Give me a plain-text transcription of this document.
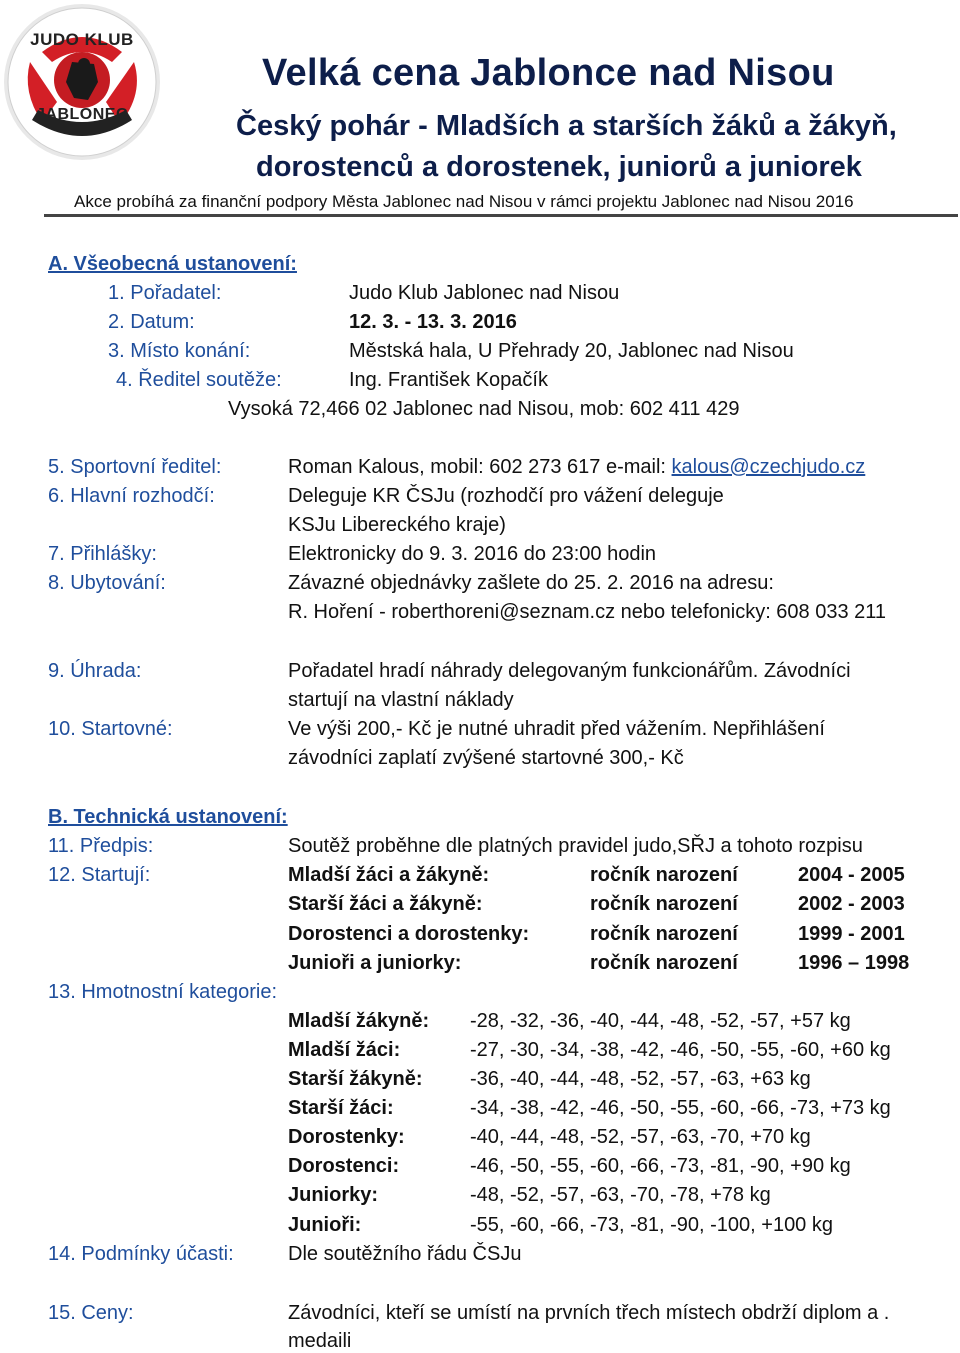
JUDO KLUB
JABLONEC
Velká cena Jablonce nad Nisou
Český pohár - Mladších a starších žáků a žákyň,
dorostenců a dorostenek, juniorů a juniorek
Akce probíhá za finanční podpory Města Jablonec nad Nisou v rámci projektu Jablonec nad Nisou 2016
A. Všeobecná ustanovení:
1. Pořadatel:	Judo Klub Jablonec nad Nisou
2. Datum:	12. 3. - 13. 3. 2016
3. Místo konání:	Městská hala, U Přehrady 20, Jablonec nad Nisou
4. Ředitel soutěže:	Ing. František Kopačík
Vysoká 72,466 02 Jablonec nad Nisou, mob: 602 411 429
5. Sportovní ředitel:	Roman Kalous, mobil: 602 273 617 e-mail: kalous@czechjudo.cz
6. Hlavní rozhodčí:	Deleguje KR ČSJu (rozhodčí pro vážení deleguje
KSJu Libereckého kraje)
7. Přihlášky:	Elektronicky do 9. 3. 2016 do 23:00 hodin
8. Ubytování:	Závazné objednávky zašlete do 25. 2. 2016 na adresu:
R. Hoření - roberthoreni@seznam.cz nebo telefonicky: 608 033 211
9. Úhrada:	Pořadatel hradí náhrady delegovaným funkcionářům. Závodníci
startují na vlastní náklady
10. Startovné:	Ve výši 200,- Kč je nutné uhradit před vážením. Nepřihlášení
závodníci zaplatí zvýšené startovné 300,- Kč
B. Technická ustanovení:
11. Předpis:	Soutěž proběhne dle platných pravidel judo,SŘJ a tohoto rozpisu
12. Startují:	Mladší žáci a žákyně:	ročník narození	2004 - 2005
Starší žáci a žákyně:	ročník narození	2002 - 2003
Dorostenci a dorostenky:	ročník narození	1999 - 2001
Junioři a juniorky:	ročník narození	1996 – 1998
13. Hmotnostní kategorie:
Mladší žákyně: -28, -32, -36, -40, -44, -48, -52, -57, +57 kg
Mladší žáci:	-27, -30, -34, -38, -42, -46, -50, -55, -60, +60 kg
Starší žákyně: -36, -40, -44, -48, -52, -57, -63, +63 kg
Starší žáci:	-34, -38, -42, -46, -50, -55, -60, -66, -73, +73 kg
Dorostenky:	-40, -44, -48, -52, -57, -63, -70, +70 kg
Dorostenci:	-46, -50, -55, -60, -66, -73, -81, -90, +90 kg
Juniorky:	-48, -52, -57, -63, -70, -78, +78 kg
Junioři:	-55, -60, -66, -73, -81, -90, -100, +100 kg
14. Podmínky účasti:	Dle soutěžního řádu ČSJu
15. Ceny:	Závodníci, kteří se umístí na prvních třech místech obdrží diplom a .
medaili
